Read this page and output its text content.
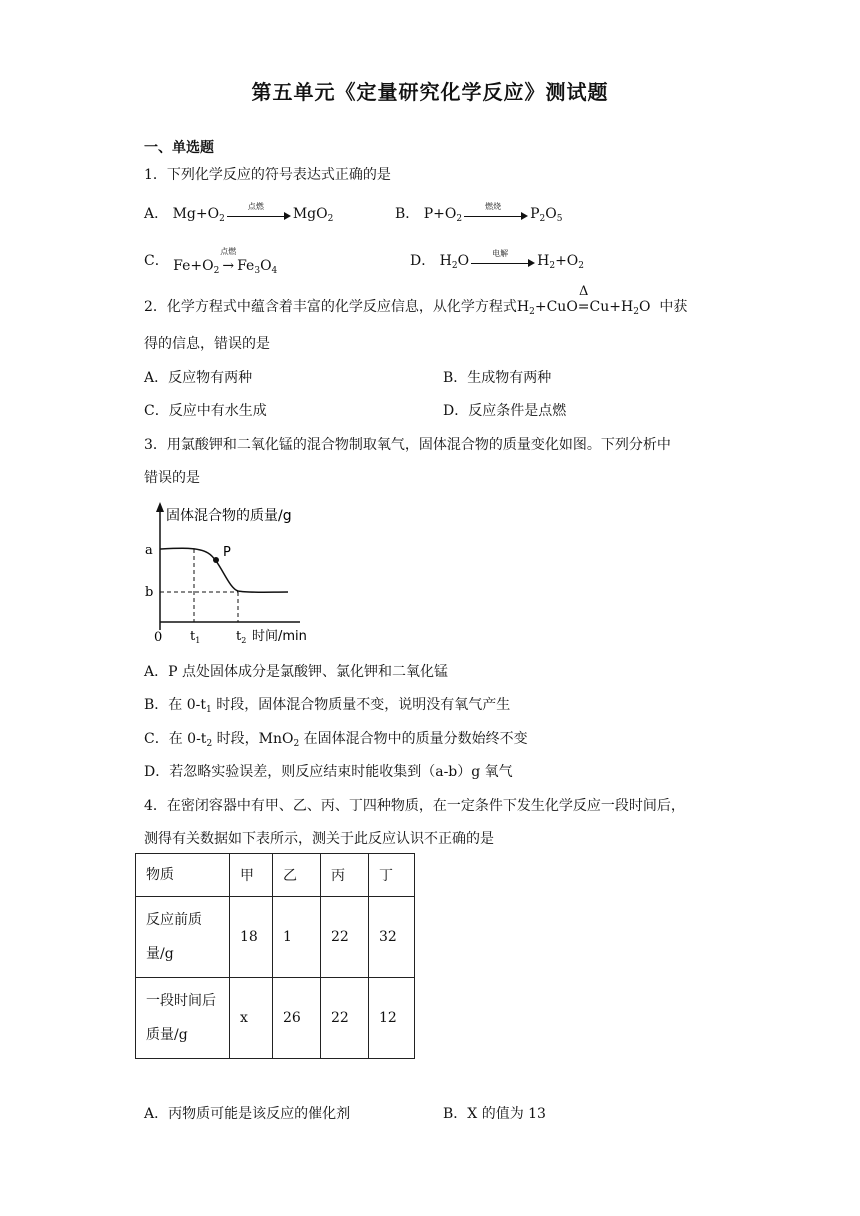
第五单元《定量研究化学反应》测试题
一、单选题
1．下列化学反应的符号表达式正确的是
A． $Mg+O_2$
点燃	MgO$_2$	B． $P+O_2$
燃烧	$P_2O_5$
C． $Fe+O_2$
点燃
→ $Fe_3O_4$
D． $H_2O$	电解	$H_2+O_2$
2．化学方程式中蕴含着丰富的化学反应信息，从化学方程式$H_2+CuO$
Δ
$=Cu+H_2O$ 中获
得的信息，错误的是
A．反应物有两种	B．生成物有两种
C．反应中有水生成	D．反应条件是点燃
3．用氯酸钾和二氧化锰的混合物制取氧气，固体混合物的质量变化如图。下列分析中
错误的是
P
固体混合物的质量/g
a
b
0 $t_1$	$t_2$ 时间/min
A．P 点处固体成分是氯酸钾、氯化钾和二氧化锰
B．在 $0-t_1$ 时段，固体混合物质量不变，说明没有氧气产生
C．在 $0-t_2$ 时段，MnO$_2$ 在固体混合物中的质量分数始终不变
D．若忽略实验误差，则反应结束时能收集到（a-b）g 氧气
4．在密闭容器中有甲、乙、丙、丁四种物质，在一定条件下发生化学反应一段时间后，
测得有关数据如下表所示，测关于此反应认识不正确的是
物质	甲	乙	丙	丁
反应前质量/g	18	1	22	32
一段时间后质量/g	x	26	22	12
A．丙物质可能是该反应的催化剂	B．X 的值为 13
